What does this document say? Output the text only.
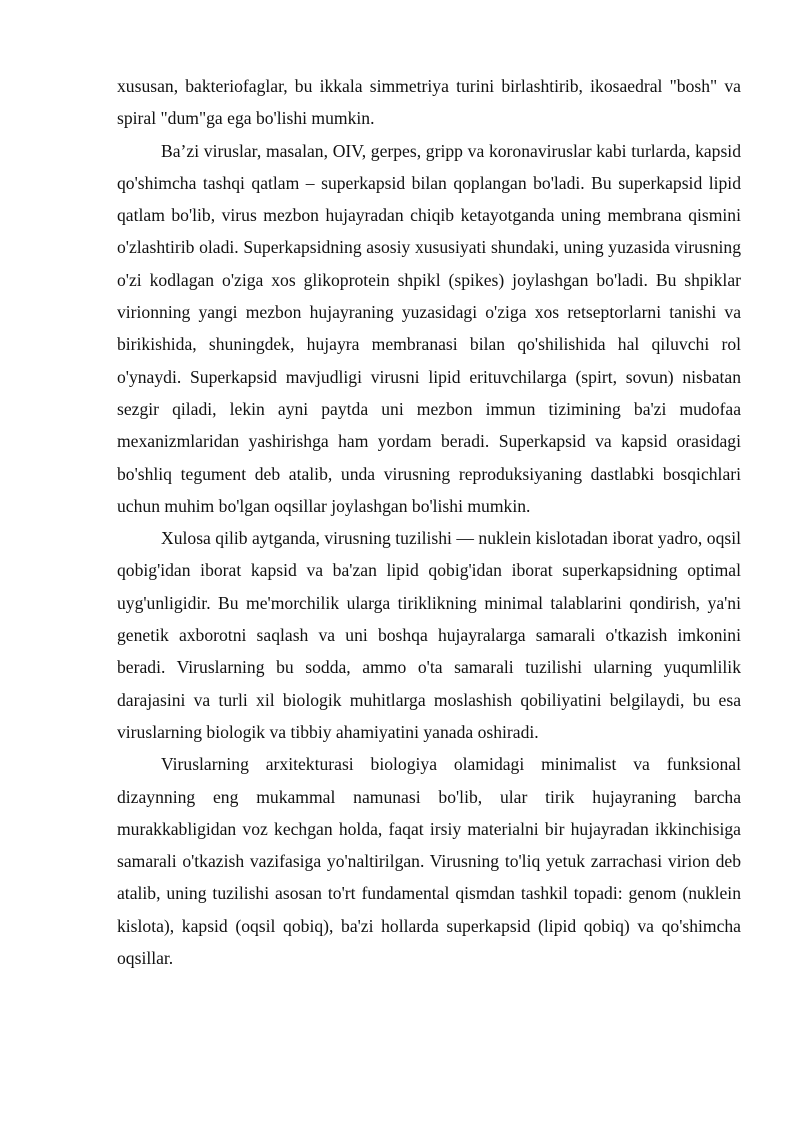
xususan, bakteriofaglar, bu ikkala simmetriya turini birlashtirib, ikosaedral "bosh" va spiral "dum"ga ega bo'lishi mumkin.

Ba’zi viruslar, masalan, OIV, gerpes, gripp va koronaviruslar kabi turlarda, kapsid qo'shimcha tashqi qatlam – superkapsid bilan qoplangan bo'ladi. Bu superkapsid lipid qatlam bo'lib, virus mezbon hujayradan chiqib ketayotganda uning membrana qismini o'zlashtirib oladi. Superkapsidning asosiy xususiyati shundaki, uning yuzasida virusning o'zi kodlagan o'ziga xos glikoprotein shpikl (spikes) joylashgan bo'ladi. Bu shpiklar virionning yangi mezbon hujayraning yuzasidagi o'ziga xos retseptorlarni tanishi va birikishida, shuningdek, hujayra membranasi bilan qo'shilishida hal qiluvchi rol o'ynaydi. Superkapsid mavjudligi virusni lipid erituvchilarga (spirt, sovun) nisbatan sezgir qiladi, lekin ayni paytda uni mezbon immun tizimining ba'zi mudofaa mexanizmlaridan yashirishga ham yordam beradi. Superkapsid va kapsid orasidagi bo'shliq tegument deb atalib, unda virusning reproduksiyaning dastlabki bosqichlari uchun muhim bo'lgan oqsillar joylashgan bo'lishi mumkin.

Xulosa qilib aytganda, virusning tuzilishi — nuklein kislotadan iborat yadro, oqsil qobig'idan iborat kapsid va ba'zan lipid qobig'idan iborat superkapsidning optimal uyg'unligidir. Bu me'morchilik ularga tiriklikning minimal talablarini qondirish, ya'ni genetik axborotni saqlash va uni boshqa hujayralarga samarali o'tkazish imkonini beradi. Viruslarning bu sodda, ammo o'ta samarali tuzilishi ularning yuqumlilik darajasini va turli xil biologik muhitlarga moslashish qobiliyatini belgilaydi, bu esa viruslarning biologik va tibbiy ahamiyatini yanada oshiradi.

Viruslarning arxitekturasi biologiya olamidagi minimalist va funksional dizaynning eng mukammal namunasi bo'lib, ular tirik hujayraning barcha murakkabligidan voz kechgan holda, faqat irsiy materialni bir hujayradan ikkinchisiga samarali o'tkazish vazifasiga yo'naltirilgan. Virusning to'liq yetuk zarrachasi virion deb atalib, uning tuzilishi asosan to'rt fundamental qismdan tashkil topadi: genom (nuklein kislota), kapsid (oqsil qobiq), ba'zi hollarda superkapsid (lipid qobiq) va qo'shimcha oqsillar.
